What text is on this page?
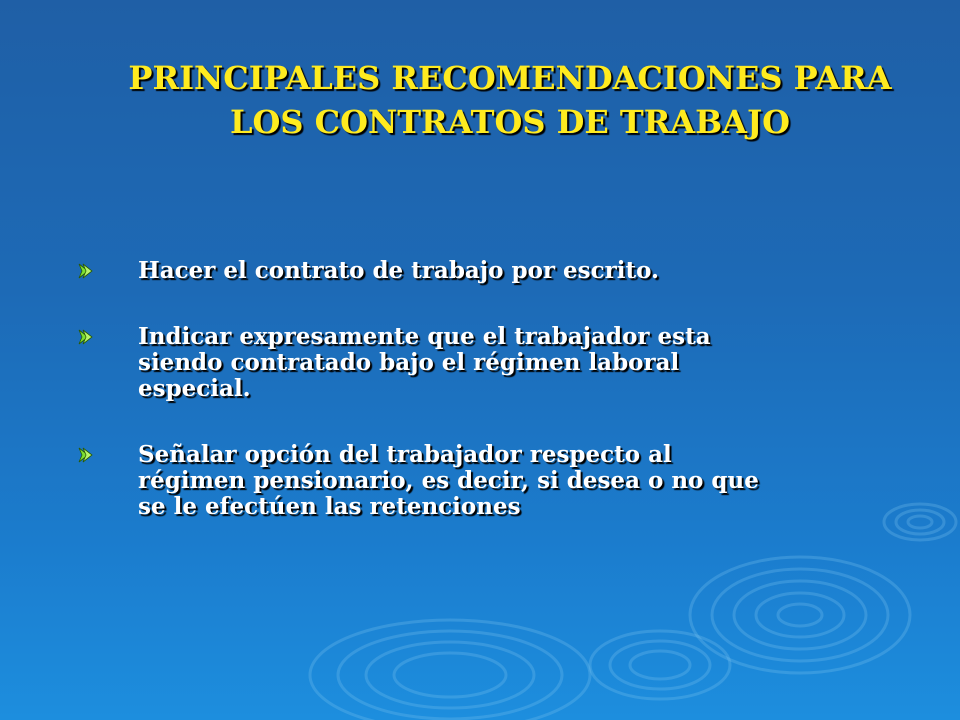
PRINCIPALES RECOMENDACIONES PARA
LOS CONTRATOS DE TRABAJO
Hacer el contrato de trabajo por escrito.
Indicar expresamente que el trabajador esta
siendo contratado bajo el régimen laboral
especial.
Señalar opción del trabajador respecto al
régimen pensionario, es decir, si desea o no que
se le efectúen las retenciones
